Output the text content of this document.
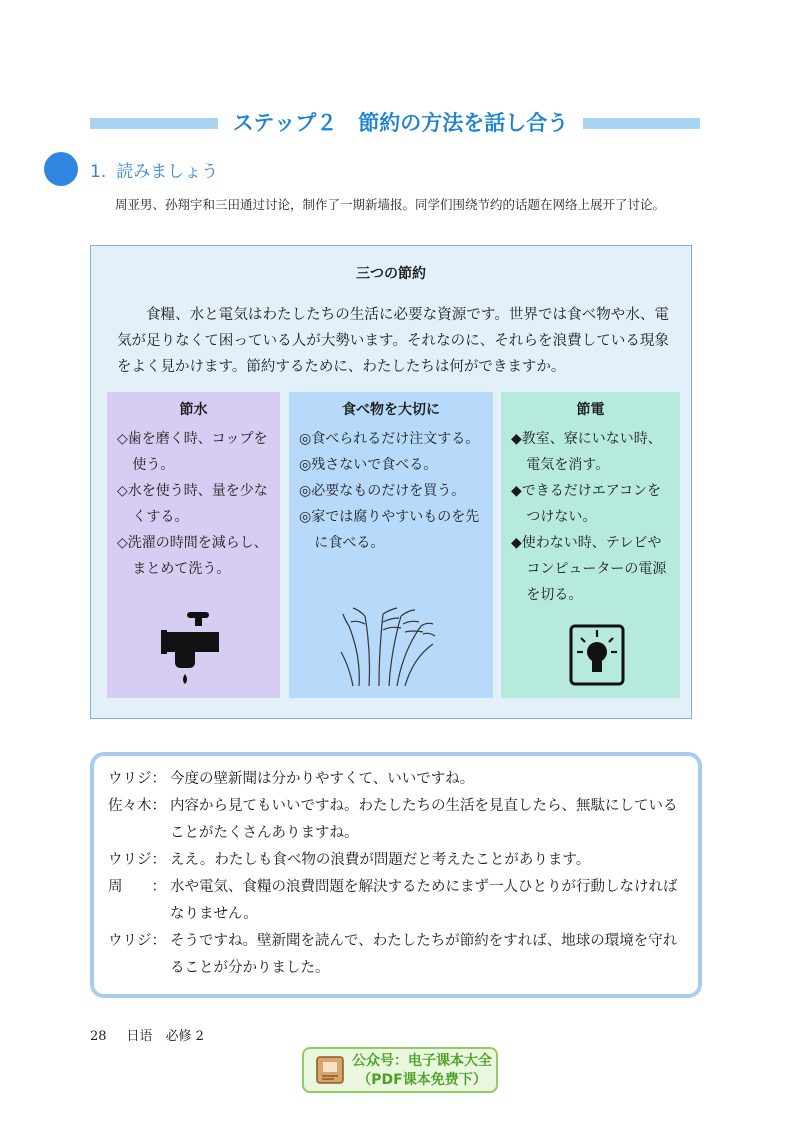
ステップ２　節約の方法を話し合う
1. 読みましょう
周亚男、孙翔宇和三田通过讨论，制作了一期新墙报。同学们围绕节约的话题在网络上展开了讨论。
三つの節約
食糧、水と電気はわたしたちの生活に必要な資源です。世界では食べ物や水、電気が足りなくて困っている人が大勢います。それなのに、それらを浪費している現象をよく見かけます。節約するために、わたしたちは何ができますか。
節水
◇歯を磨く時、コップを使う。
◇水を使う時、量を少なくする。
◇洗濯の時間を減らし、まとめて洗う。
食べ物を大切に
◎食べられるだけ注文する。
◎残さないで食べる。
◎必要なものだけを買う。
◎家では腐りやすいものを先に食べる。
節電
◆教室、寮にいない時、電気を消す。
◆できるだけエアコンをつけない。
◆使わない時、テレビやコンピューターの電源を切る。
ウリジ： 今度の壁新聞は分かりやすくて、いいですね。
佐々木： 内容から見てもいいですね。わたしたちの生活を見直したら、無駄にしていることがたくさんありますね。
ウリジ： ええ。わたしも食べ物の浪費が問題だと考えたことがあります。
周　　： 水や電気、食糧の浪費問題を解決するためにまず一人ひとりが行動しなければなりません。
ウリジ： そうですね。壁新聞を読んで、わたしたちが節約をすれば、地球の環境を守れることが分かりました。
28 日语　必修 2
公众号：电子课本大全
（PDF课本免费下）
